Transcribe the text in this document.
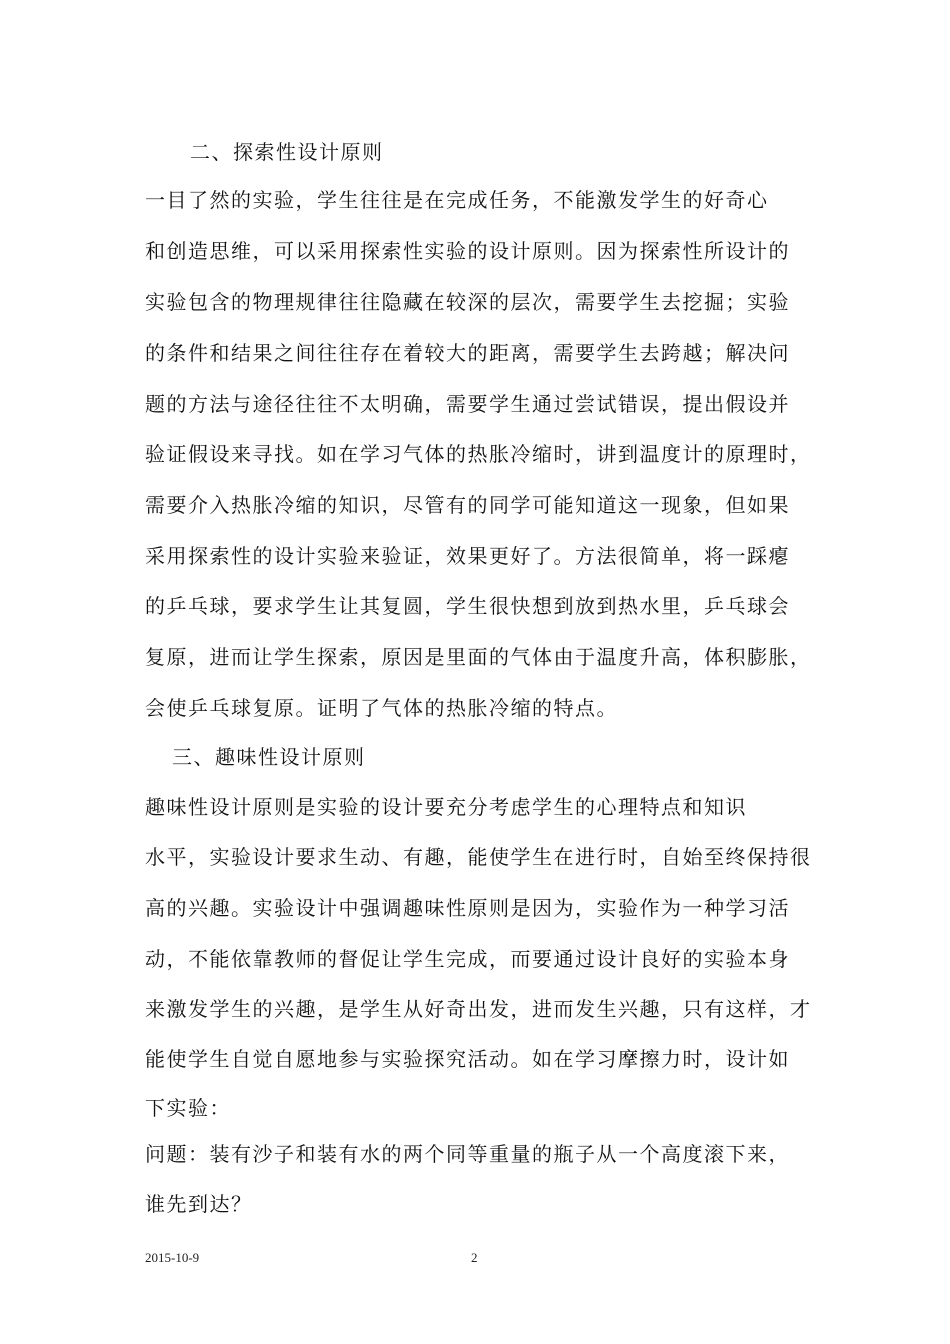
二、探索性设计原则
一目了然的实验，学生往往是在完成任务，不能激发学生的好奇心
和创造思维，可以采用探索性实验的设计原则。因为探索性所设计的
实验包含的物理规律往往隐藏在较深的层次，需要学生去挖掘；实验
的条件和结果之间往往存在着较大的距离，需要学生去跨越；解决问
题的方法与途径往往不太明确，需要学生通过尝试错误，提出假设并
验证假设来寻找。如在学习气体的热胀冷缩时，讲到温度计的原理时，
需要介入热胀冷缩的知识，尽管有的同学可能知道这一现象，但如果
采用探索性的设计实验来验证，效果更好了。方法很简单，将一踩瘪
的乒乓球，要求学生让其复圆，学生很快想到放到热水里，乒乓球会
复原，进而让学生探索，原因是里面的气体由于温度升高，体积膨胀，
会使乒乓球复原。证明了气体的热胀冷缩的特点。
三、趣味性设计原则
趣味性设计原则是实验的设计要充分考虑学生的心理特点和知识
水平，实验设计要求生动、有趣，能使学生在进行时，自始至终保持很
高的兴趣。实验设计中强调趣味性原则是因为，实验作为一种学习活
动，不能依靠教师的督促让学生完成，而要通过设计良好的实验本身
来激发学生的兴趣，是学生从好奇出发，进而发生兴趣，只有这样，才
能使学生自觉自愿地参与实验探究活动。如在学习摩擦力时，设计如
下实验：
问题：装有沙子和装有水的两个同等重量的瓶子从一个高度滚下来，
谁先到达？
2015-10-9	2
